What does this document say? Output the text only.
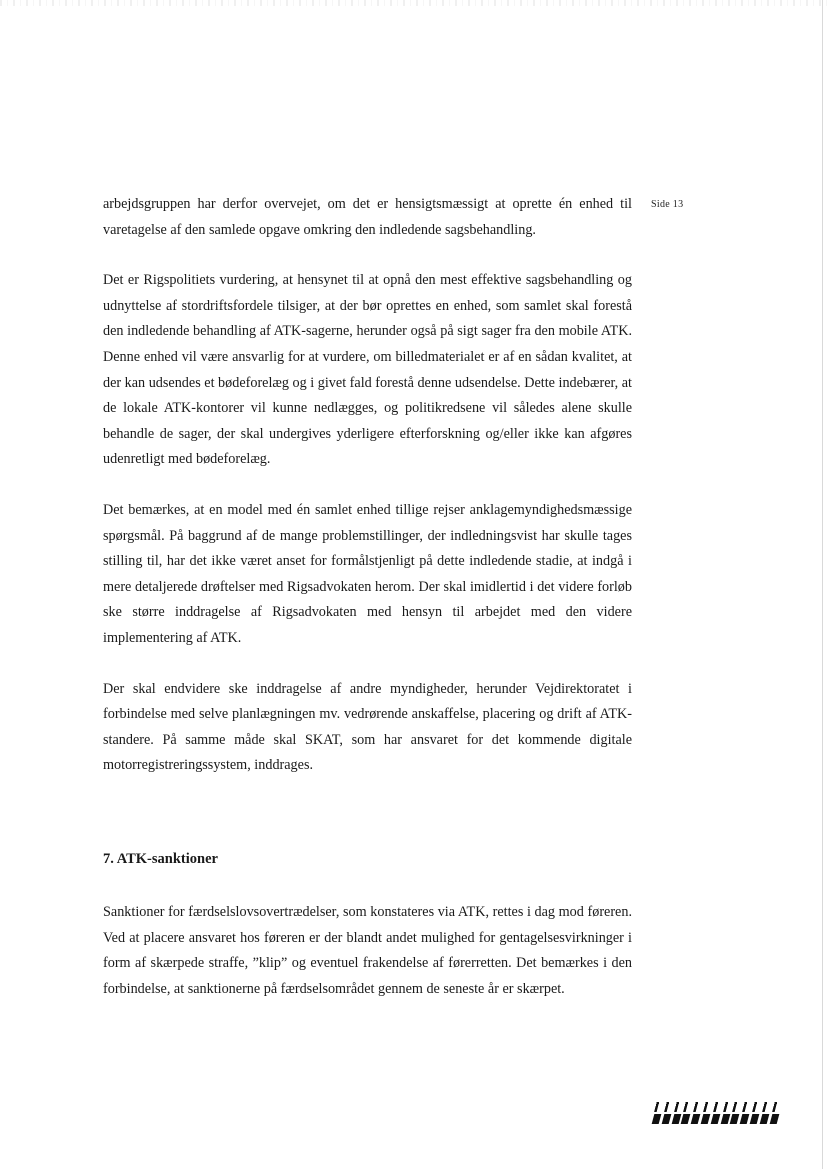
Side 13

arbejdsgruppen har derfor overvejet, om det er hensigtsmæssigt at oprette én enhed til varetagelse af den samlede opgave omkring den indledende sagsbehandling.

Det er Rigspolitiets vurdering, at hensynet til at opnå den mest effektive sagsbehandling og udnyttelse af stordriftsfordele tilsiger, at der bør oprettes en enhed, som samlet skal forestå den indledende behandling af ATK-sagerne, herunder også på sigt sager fra den mobile ATK. Denne enhed vil være ansvarlig for at vurdere, om billedmaterialet er af en sådan kvalitet, at der kan udsendes et bødeforelæg og i givet fald forestå denne udsendelse. Dette indebærer, at de lokale ATK-kontorer vil kunne nedlægges, og politikredsene vil således alene skulle behandle de sager, der skal undergives yderligere efterforskning og/eller ikke kan afgøres udenretligt med bødeforelæg.

Det bemærkes, at en model med én samlet enhed tillige rejser anklagemyndighedsmæssige spørgsmål. På baggrund af de mange problemstillinger, der indledningsvist har skulle tages stilling til, har det ikke været anset for formålstjenligt på dette indledende stadie, at indgå i mere detaljerede drøftelser med Rigsadvokaten herom. Der skal imidlertid i det videre forløb ske større inddragelse af Rigsadvokaten med hensyn til arbejdet med den videre implementering af ATK.

Der skal endvidere ske inddragelse af andre myndigheder, herunder Vejdirektoratet i forbindelse med selve planlægningen mv. vedrørende anskaffelse, placering og drift af ATK-standere. På samme måde skal SKAT, som har ansvaret for det kommende digitale motorregistreringssystem, inddrages.

7. ATK-sanktioner

Sanktioner for færdselslovsovertrædelser, som konstateres via ATK, rettes i dag mod føreren. Ved at placere ansvaret hos føreren er der blandt andet mulighed for gentagelsesvirkninger i form af skærpede straffe, ”klip” og eventuel frakendelse af førerretten. Det bemærkes i den forbindelse, at sanktionerne på færdselsområdet gennem de seneste år er skærpet.
